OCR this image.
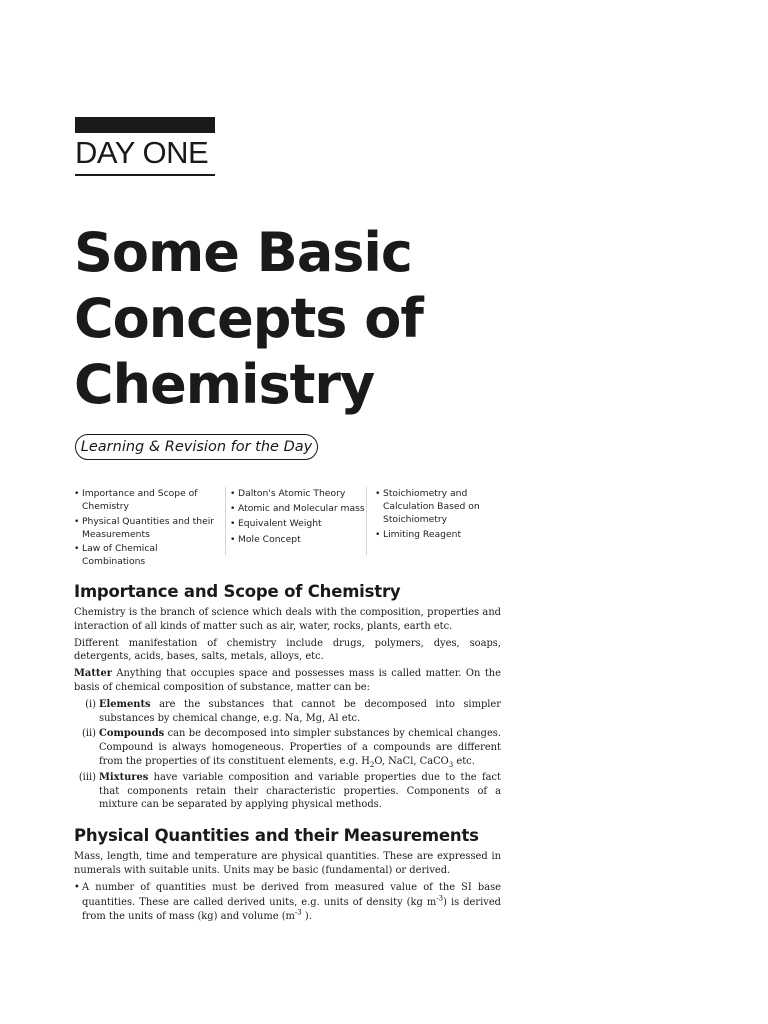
DAY ONE
Some Basic
Concepts of
Chemistry
Learning & Revision for the Day
• Importance and Scope of Chemistry
• Physical Quantities and their Measurements
• Law of Chemical Combinations
• Dalton's Atomic Theory
• Atomic and Molecular mass
• Equivalent Weight
• Mole Concept
• Stoichiometry and Calculation Based on Stoichiometry
• Limiting Reagent
Importance and Scope of Chemistry

Chemistry is the branch of science which deals with the composition, properties and interaction of all kinds of matter such as air, water, rocks, plants, earth etc.

Different manifestation of chemistry include drugs, polymers, dyes, soaps, detergents, acids, bases, salts, metals, alloys, etc.

Matter Anything that occupies space and possesses mass is called matter. On the basis of chemical composition of substance, matter can be:

(i) Elements are the substances that cannot be decomposed into simpler substances by chemical change, e.g. Na, Mg, Al etc.
(ii) Compounds can be decomposed into simpler substances by chemical changes. Compound is always homogeneous. Properties of a compounds are different from the properties of its constituent elements, e.g. $H_2O$, NaCl, CaCO$_3$ etc.
(iii) Mixtures have variable composition and variable properties due to the fact that components retain their characteristic properties. Components of a mixture can be separated by applying physical methods.
Physical Quantities and their Measurements

Mass, length, time and temperature are physical quantities. These are expressed in numerals with suitable units. Units may be basic (fundamental) or derived.

• A number of quantities must be derived from measured value of the SI base quantities. These are called derived units, e.g. units of density (kg $m^{-3}$) is derived from the units of mass (kg) and volume ($m^{-3}$ ).
